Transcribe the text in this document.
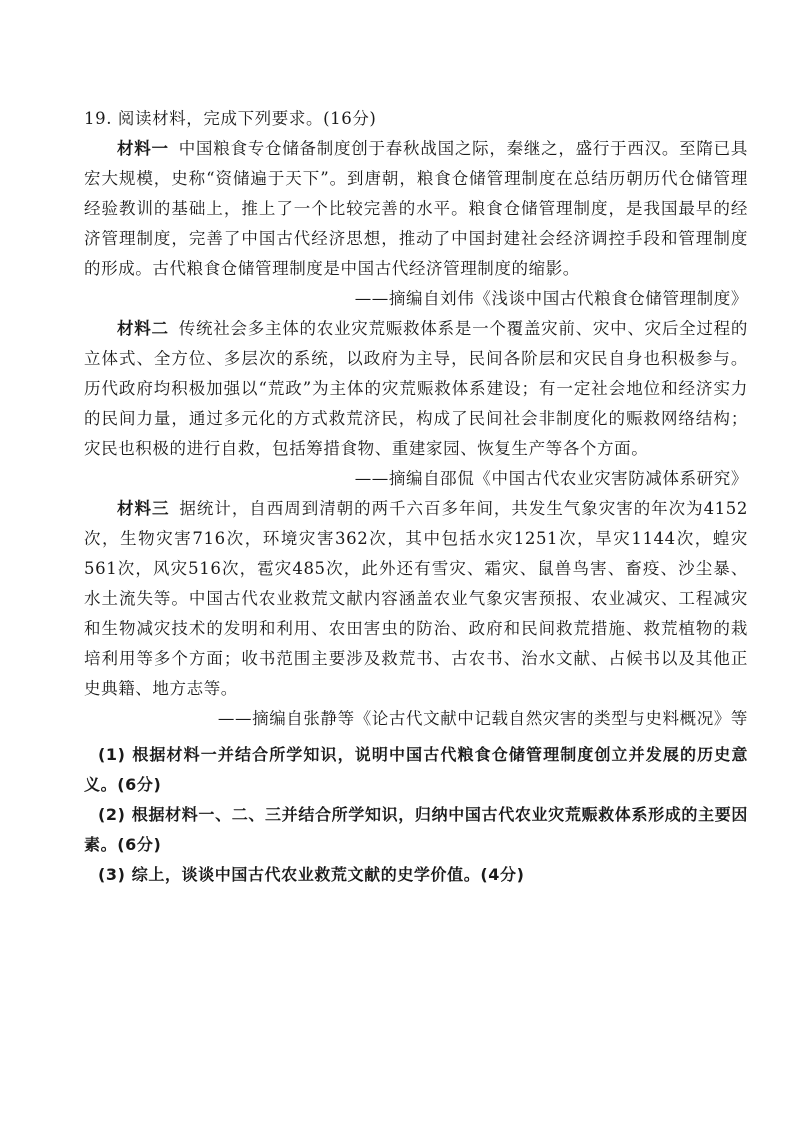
19. 阅读材料，完成下列要求。(16分)

材料一 中国粮食专仓储备制度创于春秋战国之际，秦继之，盛行于西汉。至隋已具宏大规模，史称“资储遍于天下”。到唐朝，粮食仓储管理制度在总结历朝历代仓储管理经验教训的基础上，推上了一个比较完善的水平。粮食仓储管理制度，是我国最早的经济管理制度，完善了中国古代经济思想，推动了中国封建社会经济调控手段和管理制度的形成。古代粮食仓储管理制度是中国古代经济管理制度的缩影。

——摘编自刘伟《浅谈中国古代粮食仓储管理制度》

材料二 传统社会多主体的农业灾荒赈救体系是一个覆盖灾前、灾中、灾后全过程的立体式、全方位、多层次的系统，以政府为主导，民间各阶层和灾民自身也积极参与。历代政府均积极加强以“荒政”为主体的灾荒赈救体系建设；有一定社会地位和经济实力的民间力量，通过多元化的方式救荒济民，构成了民间社会非制度化的赈救网络结构；灾民也积极的进行自救，包括筹措食物、重建家园、恢复生产等各个方面。

——摘编自邵侃《中国古代农业灾害防减体系研究》

材料三 据统计，自西周到清朝的两千六百多年间，共发生气象灾害的年次为4152次，生物灾害716次，环境灾害362次，其中包括水灾1251次，旱灾1144次，蝗灾561次，风灾516次，雹灾485次，此外还有雪灾、霜灾、鼠兽鸟害、畜疫、沙尘暴、水土流失等。中国古代农业救荒文献内容涵盖农业气象灾害预报、农业减灾、工程减灾和生物减灾技术的发明和利用、农田害虫的防治、政府和民间救荒措施、救荒植物的栽培利用等多个方面；收书范围主要涉及救荒书、古农书、治水文献、占候书以及其他正史典籍、地方志等。

——摘编自张静等《论古代文献中记载自然灾害的类型与史料概况》等

(1) 根据材料一并结合所学知识，说明中国古代粮食仓储管理制度创立并发展的历史意义。(6分)

(2) 根据材料一、二、三并结合所学知识，归纳中国古代农业灾荒赈救体系形成的主要因素。(6分)

(3) 综上，谈谈中国古代农业救荒文献的史学价值。(4分)
